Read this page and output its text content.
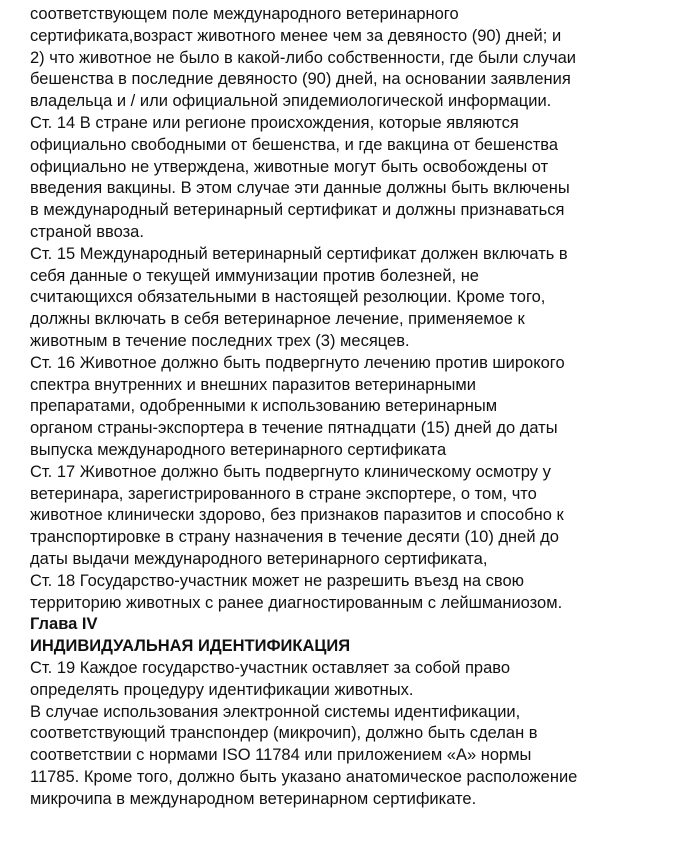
соответствующем поле международного ветеринарного
сертификата,возраст животного менее чем за девяносто (90) дней; и
2) что животное не было в какой-либо собственности, где были случаи
бешенства в последние девяносто (90) дней, на основании заявления
владельца и / или официальной эпидемиологической информации.
Ст. 14 В стране или регионе происхождения, которые являются
официально свободными от бешенства, и где вакцина от бешенства
официально не утверждена, животные могут быть освобождены от
введения вакцины. В этом случае эти данные должны быть включены
в международный ветеринарный сертификат и должны признаваться
страной ввоза.
Ст. 15 Международный ветеринарный сертификат должен включать в
себя данные о текущей иммунизации против болезней, не
считающихся обязательными в настоящей резолюции. Кроме того,
должны включать в себя ветеринарное лечение, применяемое к
животным в течение последних трех (3) месяцев.
Ст. 16 Животное должно быть подвергнуто лечению против широкого
спектра внутренних и внешних паразитов ветеринарными
препаратами, одобренными к использованию ветеринарным
органом страны-экспортера в течение пятнадцати (15) дней до даты
выпуска международного ветеринарного сертификата
Ст. 17 Животное должно быть подвергнуто клиническому осмотру у
ветеринара, зарегистрированного в стране экспортере, о том, что
животное клинически здорово, без признаков паразитов и способно к
транспортировке в страну назначения в течение десяти (10) дней до
даты выдачи международного ветеринарного сертификата,
Ст. 18 Государство-участник может не разрешить въезд на свою
территорию животных с ранее диагностированным с лейшманиозом.
Глава IV
ИНДИВИДУАЛЬНАЯ ИДЕНТИФИКАЦИЯ
Ст. 19 Каждое государство-участник оставляет за собой право
определять процедуру идентификации животных.
В случае использования электронной системы идентификации,
соответствующий транспондер (микрочип), должно быть сделан в
соответствии с нормами ISO 11784 или приложением «А» нормы
11785. Кроме того, должно быть указано анатомическое расположение
микрочипа в международном ветеринарном сертификате.
